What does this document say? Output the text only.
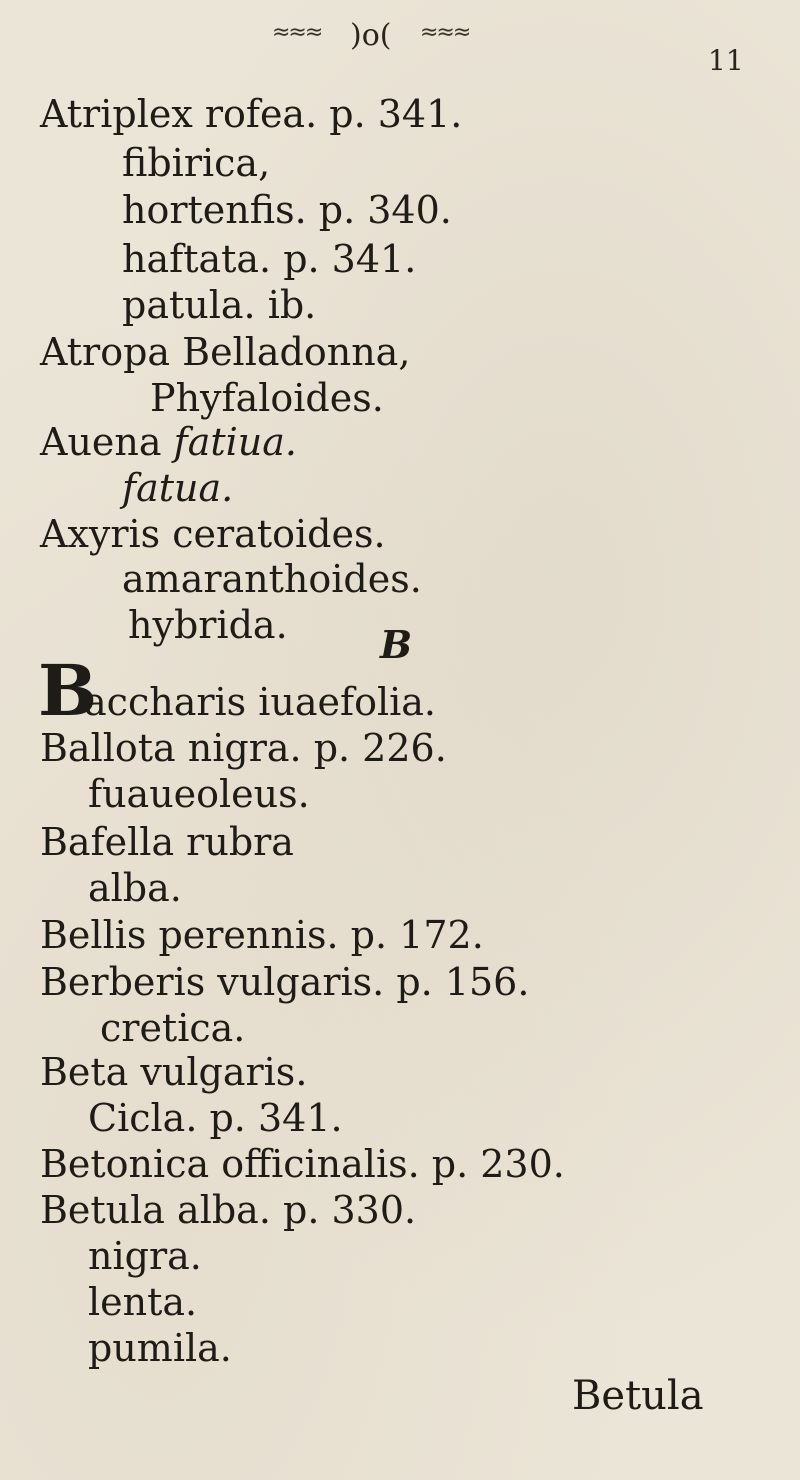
≈≈≈ )o( ≈≈≈
11
Atriplex rofea. p. 341.
fibirica,
hortenfis. p. 340.
haftata. p. 341.
patula. ib.
Atropa Belladonna,
Phyfaloides.
Auena fatiua.
fatua.
Axyris ceratoides.
amaranthoides.
hybrida. B
B
accharis iuaefolia.
Ballota nigra. p. 226.
fuaueoleus.
Bafella rubra
alba.
Bellis perennis. p. 172.
Berberis vulgaris. p. 156.
cretica.
Beta vulgaris.
Cicla. p. 341.
Betonica officinalis. p. 230.
Betula alba. p. 330.
nigra.
lenta.
pumila.
Betula
